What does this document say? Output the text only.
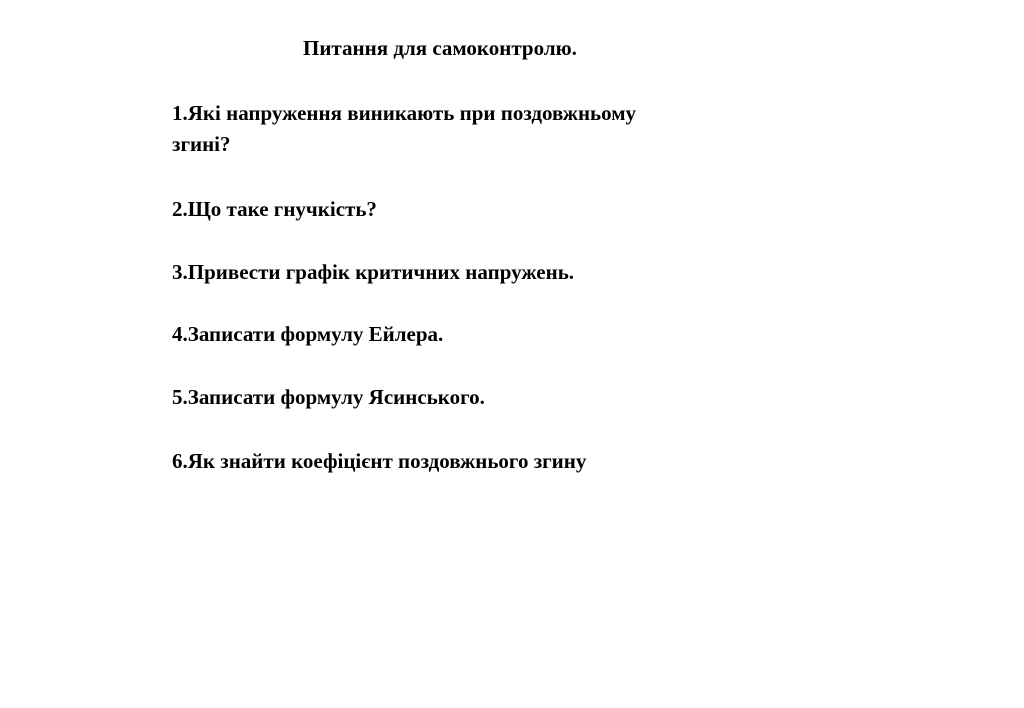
Питання для самоконтролю.

1.Які напруження виникають при поздовжньому

згині?

2.Що таке гнучкість?

3.Привести графік критичних напружень.

4.Записати формулу Ейлера.

5.Записати формулу Ясинського.

6.Як знайти коефіцієнт поздовжнього згину
